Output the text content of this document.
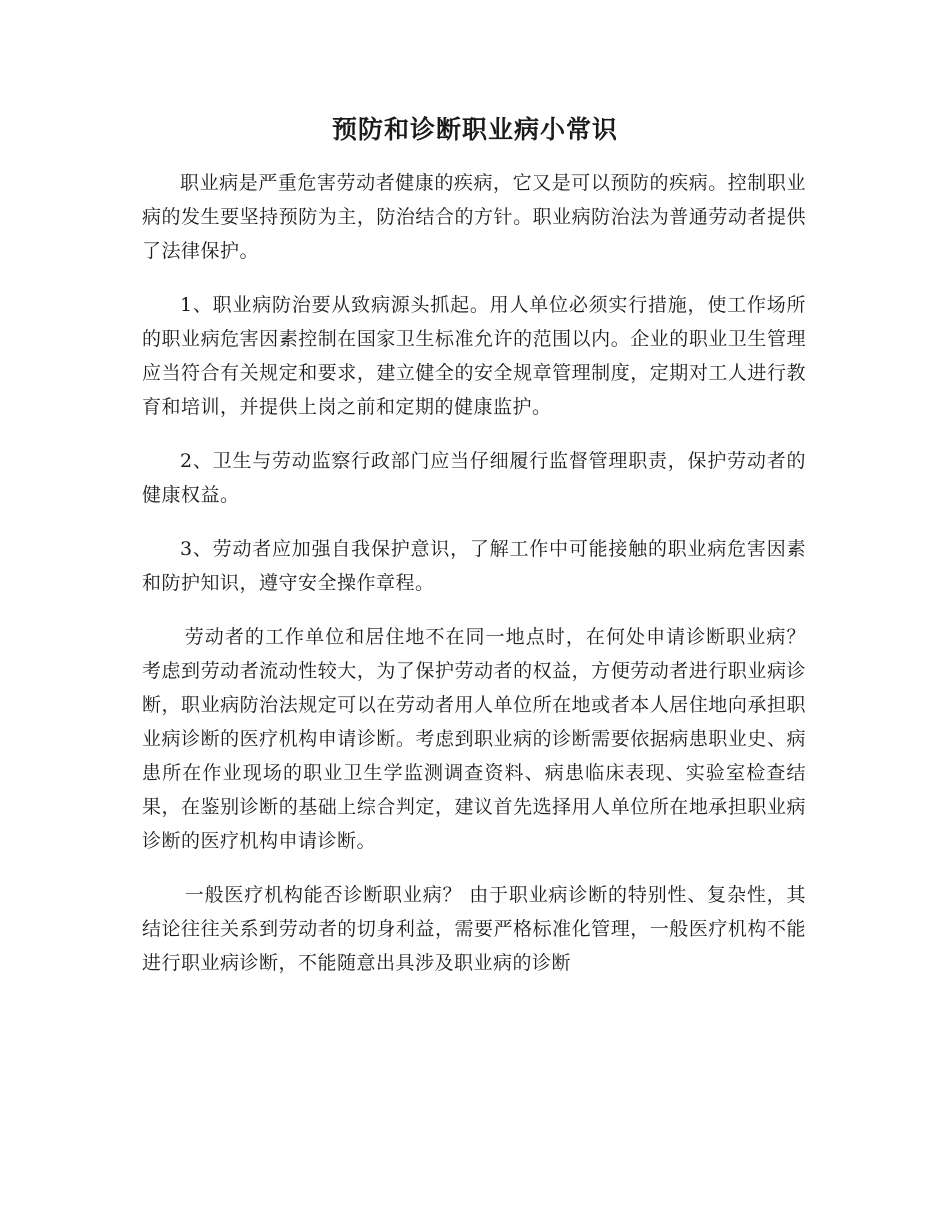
预防和诊断职业病小常识

职业病是严重危害劳动者健康的疾病，它又是可以预防的疾病。控制职业病的发生要坚持预防为主，防治结合的方针。职业病防治法为普通劳动者提供了法律保护。

1、职业病防治要从致病源头抓起。用人单位必须实行措施，使工作场所的职业病危害因素控制在国家卫生标准允许的范围以内。企业的职业卫生管理应当符合有关规定和要求，建立健全的安全规章管理制度，定期对工人进行教育和培训，并提供上岗之前和定期的健康监护。

2、卫生与劳动监察行政部门应当仔细履行监督管理职责，保护劳动者的健康权益。

3、劳动者应加强自我保护意识，了解工作中可能接触的职业病危害因素和防护知识，遵守安全操作章程。

劳动者的工作单位和居住地不在同一地点时，在何处申请诊断职业病？ 考虑到劳动者流动性较大，为了保护劳动者的权益，方便劳动者进行职业病诊断，职业病防治法规定可以在劳动者用人单位所在地或者本人居住地向承担职业病诊断的医疗机构申请诊断。考虑到职业病的诊断需要依据病患职业史、病患所在作业现场的职业卫生学监测调查资料、病患临床表现、实验室检查结果，在鉴别诊断的基础上综合判定，建议首先选择用人单位所在地承担职业病诊断的医疗机构申请诊断。

一般医疗机构能否诊断职业病？ 由于职业病诊断的特别性、复杂性，其结论往往关系到劳动者的切身利益，需要严格标准化管理，一般医疗机构不能进行职业病诊断，不能随意出具涉及职业病的诊断
